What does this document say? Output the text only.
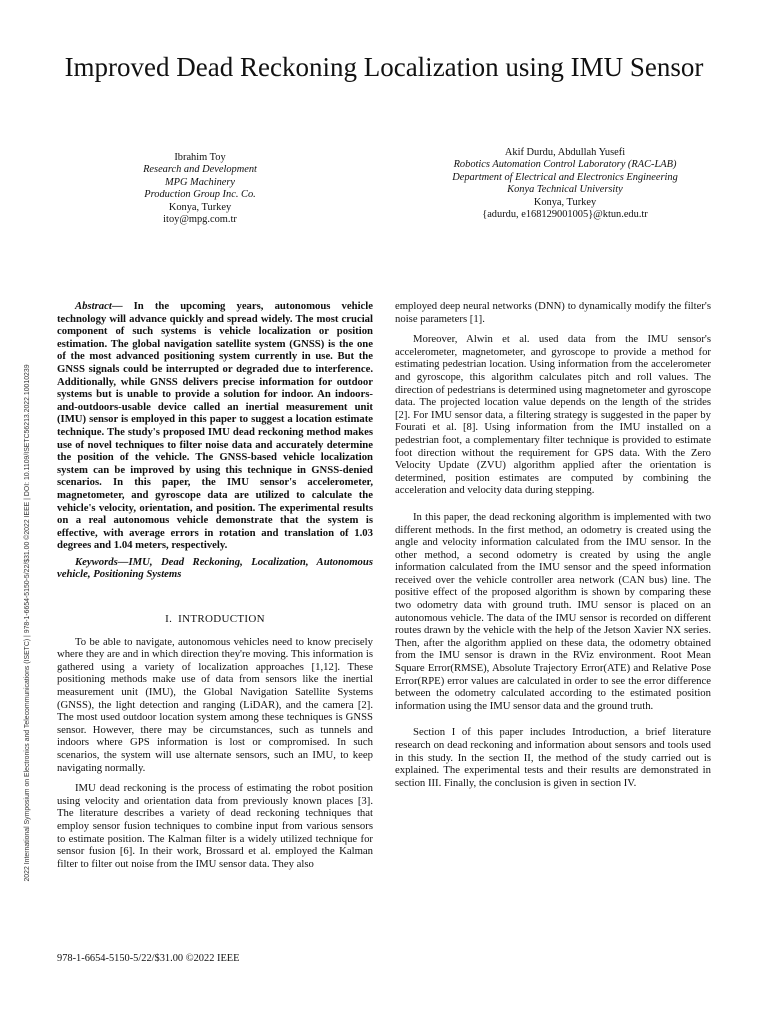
Improved Dead Reckoning Localization using IMU Sensor
Ibrahim Toy
Research and Development
MPG Machinery
Production Group Inc. Co.
Konya, Turkey
itoy@mpg.com.tr
Akif Durdu, Abdullah Yusefi
Robotics Automation Control Laboratory (RAC-LAB)
Department of Electrical and Electronics Engineering
Konya Technical University
Konya, Turkey
{adurdu, e168129001005}@ktun.edu.tr
2022 International Symposium on Electronics and Telecommunications (ISETC) | 978-1-6654-5150-5/22/$31.00 ©2022 IEEE | DOI: 10.1109/ISETC56213.2022.10010239

Abstract— In the upcoming years, autonomous vehicle technology will advance quickly and spread widely. The most crucial component of such systems is vehicle localization or position estimation. The global navigation satellite system (GNSS) is the one of the most advanced positioning system currently in use. But the GNSS signals could be interrupted or degraded due to interference. Additionally, while GNSS delivers precise information for outdoor systems but is unable to provide a solution for indoor. An indoors-and-outdoors-usable device called an inertial measurement unit (IMU) sensor is employed in this paper to suggest a location estimate technique. The study's proposed IMU dead reckoning method makes use of novel techniques to filter noise data and accurately determine the position of the vehicle. The GNSS-based vehicle localization system can be improved by using this technique in GNSS-denied scenarios. In this paper, the IMU sensor's accelerometer, magnetometer, and gyroscope data are utilized to calculate the vehicle's velocity, orientation, and position. The experimental results on a real autonomous vehicle demonstrate that the system is effective, with average errors in rotation and translation of 1.03 degrees and 1.04 meters, respectively.

Keywords—IMU, Dead Reckoning, Localization, Autonomous vehicle, Positioning Systems

I. INTRODUCTION

To be able to navigate, autonomous vehicles need to know precisely where they are and in which direction they're moving. This information is gathered using a variety of localization approaches [1,12]. These positioning methods make use of data from sensors like the inertial measurement unit (IMU), the Global Navigation Satellite Systems (GNSS), the light detection and ranging (LiDAR), and the camera [2]. The most used outdoor location system among these techniques is GNSS sensor. However, there may be circumstances, such as tunnels and indoors where GPS information is lost or compromised. In such scenarios, the system will use alternate sensors, such an IMU, to keep navigating normally.

IMU dead reckoning is the process of estimating the robot position using velocity and orientation data from previously known places [3]. The literature describes a variety of dead reckoning techniques that employ sensor fusion techniques to combine input from various sensors to estimate position. The Kalman filter is a widely utilized technique for sensor fusion [6]. In their work, Brossard et al. employed the Kalman filter to filter out noise from the IMU sensor data. They also

employed deep neural networks (DNN) to dynamically modify the filter's noise parameters [1].

Moreover, Alwin et al. used data from the IMU sensor's accelerometer, magnetometer, and gyroscope to provide a method for estimating pedestrian location. Using information from the accelerometer and gyroscope, this algorithm calculates pitch and roll values. The direction of pedestrians is determined using magnetometer and gyroscope data. The projected location value depends on the length of the strides [2]. For IMU sensor data, a filtering strategy is suggested in the paper by Fourati et al. [8]. Using information from the IMU installed on a pedestrian foot, a complementary filter technique is provided to estimate foot direction without the requirement for GPS data. With the Zero Velocity Update (ZVU) algorithm applied after the orientation is determined, position estimates are computed by combining the acceleration and velocity data during stepping.

In this paper, the dead reckoning algorithm is implemented with two different methods. In the first method, an odometry is created using the angle and velocity information calculated from the IMU sensor. In the other method, a second odometry is created by using the angle information calculated from the IMU sensor and the speed information received over the vehicle controller area network (CAN bus) line. The positive effect of the proposed algorithm is shown by comparing these two odometry data with ground truth. IMU sensor is placed on an autonomous vehicle. The data of the IMU sensor is recorded on different routes drawn by the vehicle with the help of the Jetson Xavier NX series. Then, after the algorithm applied on these data, the odometry obtained from the IMU sensor is drawn in the RViz environment. Root Mean Square Error(RMSE), Absolute Trajectory Error(ATE) and Relative Pose Error(RPE) error values are calculated in order to see the error difference between the odometry calculated according to the estimated position information using the IMU sensor data and the ground truth.

Section I of this paper includes Introduction, a brief literature research on dead reckoning and information about sensors and tools used in this study. In the section II, the method of the study carried out is explained. The experimental tests and their results are demonstrated in section III. Finally, the conclusion is given in section IV.

978-1-6654-5150-5/22/$31.00 ©2022 IEEE
